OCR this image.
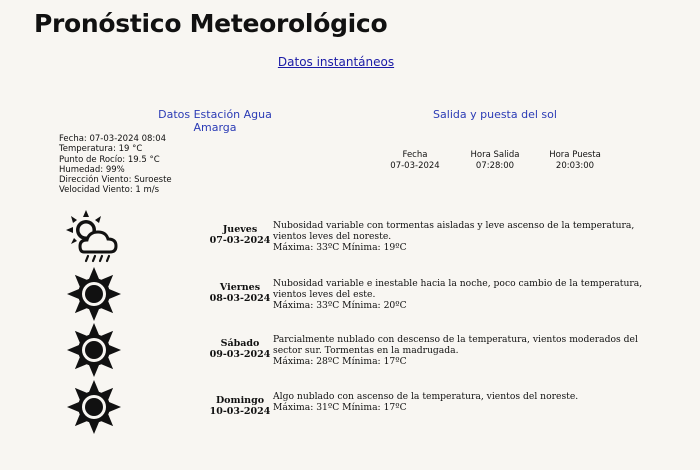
Pronóstico Meteorológico
Datos instantáneos
Datos Estación Agua Amarga
Salida y puesta del sol
Fecha: 07-03-2024 08:04
Temperatura: 19 °C
Punto de Rocío: 19.5 °C
Humedad: 99%
Dirección Viento: Suroeste
Velocidad Viento: 1 m/s
Fecha
07-03-2024
Hora Salida
07:28:00
Hora Puesta
20:03:00
Jueves
07-03-2024
Nubosidad variable con tormentas aisladas y leve ascenso de la temperatura, vientos leves del noreste.
Máxima: 33ºC Mínima: 19ºC
Viernes
08-03-2024
Nubosidad variable e inestable hacia la noche, poco cambio de la temperatura, vientos leves del este.
Máxima: 33ºC Mínima: 20ºC
Sábado
09-03-2024
Parcialmente nublado con descenso de la temperatura, vientos moderados del sector sur. Tormentas en la madrugada.
Máxima: 28ºC Mínima: 17ºC
Domingo
10-03-2024
Algo nublado con ascenso de la temperatura, vientos del noreste.
Máxima: 31ºC Mínima: 17ºC
